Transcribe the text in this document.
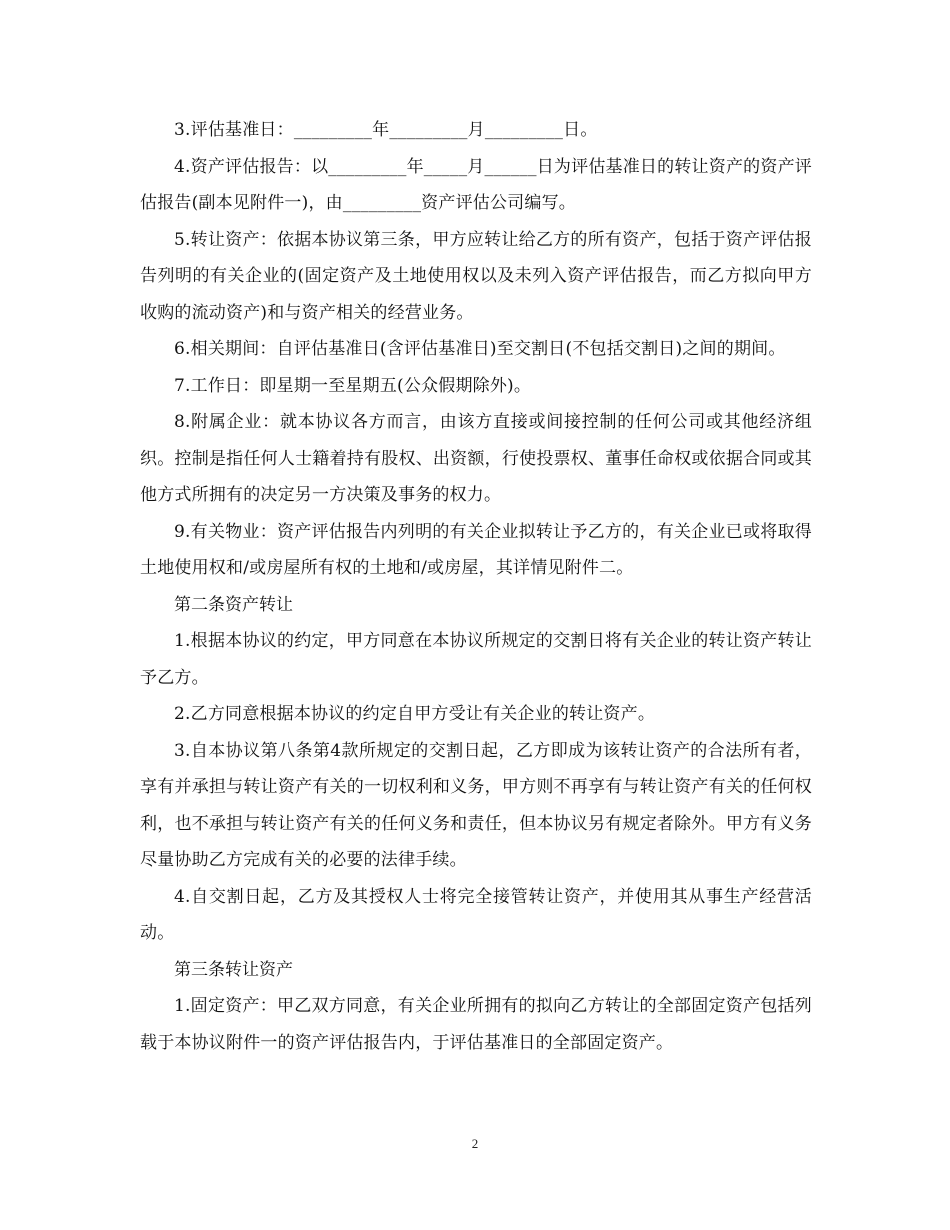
3.评估基准日：_________年_________月_________日。

4.资产评估报告：以_________年_____月______日为评估基准日的转让资产的资产评估报告(副本见附件一)，由_________资产评估公司编写。

5.转让资产：依据本协议第三条，甲方应转让给乙方的所有资产，包括于资产评估报告列明的有关企业的(固定资产及土地使用权以及未列入资产评估报告，而乙方拟向甲方收购的流动资产)和与资产相关的经营业务。

6.相关期间：自评估基准日(含评估基准日)至交割日(不包括交割日)之间的期间。

7.工作日：即星期一至星期五(公众假期除外)。

8.附属企业：就本协议各方而言，由该方直接或间接控制的任何公司或其他经济组织。控制是指任何人士籍着持有股权、出资额，行使投票权、董事任命权或依据合同或其他方式所拥有的决定另一方决策及事务的权力。

9.有关物业：资产评估报告内列明的有关企业拟转让予乙方的，有关企业已或将取得土地使用权和/或房屋所有权的土地和/或房屋，其详情见附件二。

第二条资产转让

1.根据本协议的约定，甲方同意在本协议所规定的交割日将有关企业的转让资产转让予乙方。

2.乙方同意根据本协议的约定自甲方受让有关企业的转让资产。

3.自本协议第八条第4款所规定的交割日起，乙方即成为该转让资产的合法所有者，享有并承担与转让资产有关的一切权利和义务，甲方则不再享有与转让资产有关的任何权利，也不承担与转让资产有关的任何义务和责任，但本协议另有规定者除外。甲方有义务尽量协助乙方完成有关的必要的法律手续。

4.自交割日起，乙方及其授权人士将完全接管转让资产，并使用其从事生产经营活动。

第三条转让资产

1.固定资产：甲乙双方同意，有关企业所拥有的拟向乙方转让的全部固定资产包括列载于本协议附件一的资产评估报告内，于评估基准日的全部固定资产。

2
